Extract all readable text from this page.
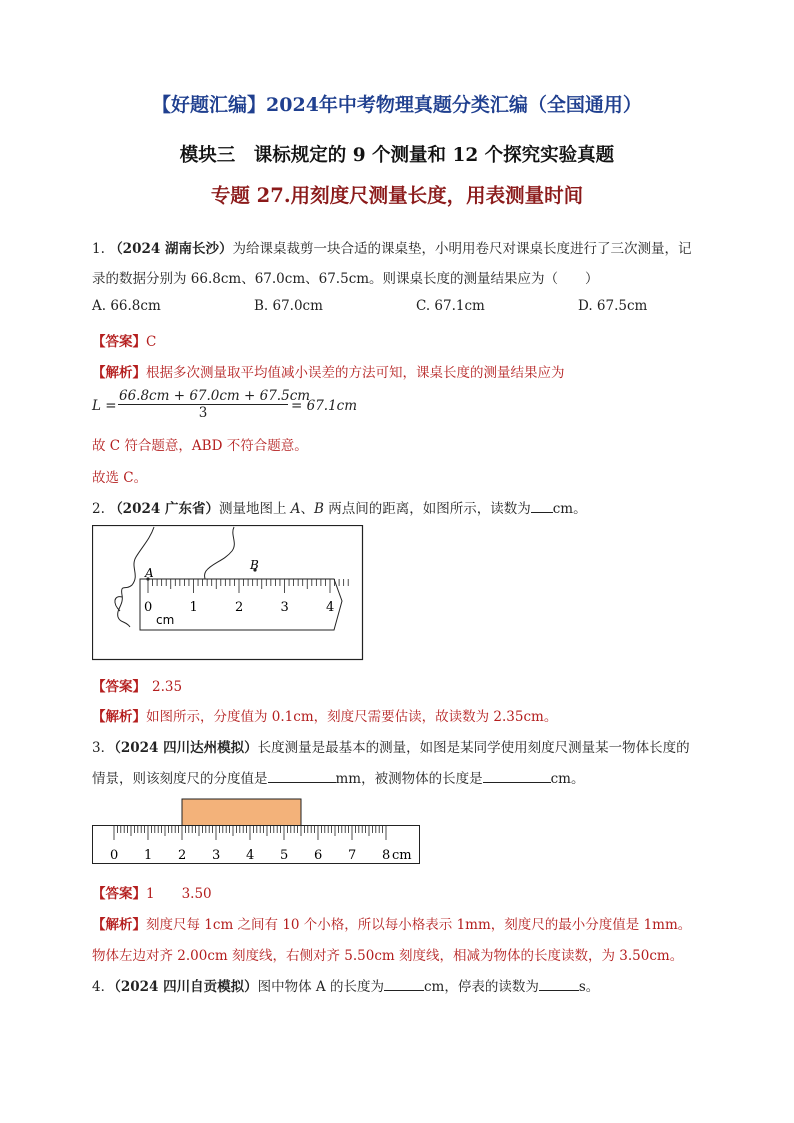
【好题汇编】2024年中考物理真题分类汇编（全国通用）
模块三　课标规定的 9 个测量和 12 个探究实验真题
专题 27.用刻度尺测量长度，用表测量时间
1. （2024 湖南长沙）为给课桌裁剪一块合适的课桌垫，小明用卷尺对课桌长度进行了三次测量，记
录的数据分别为 66.8cm、67.0cm、67.5cm。则课桌长度的测量结果应为（　　）
A. 66.8cm	B. 67.0cm	C. 67.1cm	D. 67.5cm
【答案】C
【解析】根据多次测量取平均值减小误差的方法可知，课桌长度的测量结果应为
$L = \frac{66.8cm + 67.0cm + 67.5cm}{3} = 67.1cm$
故 C 符合题意，ABD 不符合题意。
故选 C。
2. （2024 广东省）测量地图上 A、B 两点间的距离，如图所示，读数为 cm。
0	1	2	3	4
A
B
cm
【答案】 2.35
【解析】如图所示，分度值为 0.1cm，刻度尺需要估读，故读数为 2.35cm。
3．（2024 四川达州模拟）长度测量是最基本的测量，如图是某同学使用刻度尺测量某一物体长度的
情景，则该刻度尺的分度值是	mm，被测物体的长度是	cm。
0 1 2 3 4 5 6 7 8 cm
【答案】1　　3.50
【解析】刻度尺每 1cm 之间有 10 个小格，所以每小格表示 1mm，刻度尺的最小分度值是 1mm。
物体左边对齐 2.00cm 刻度线，右侧对齐 5.50cm 刻度线，相减为物体的长度读数，为 3.50cm。
4．（2024 四川自贡模拟）图中物体 A 的长度为	cm，停表的读数为	s。
